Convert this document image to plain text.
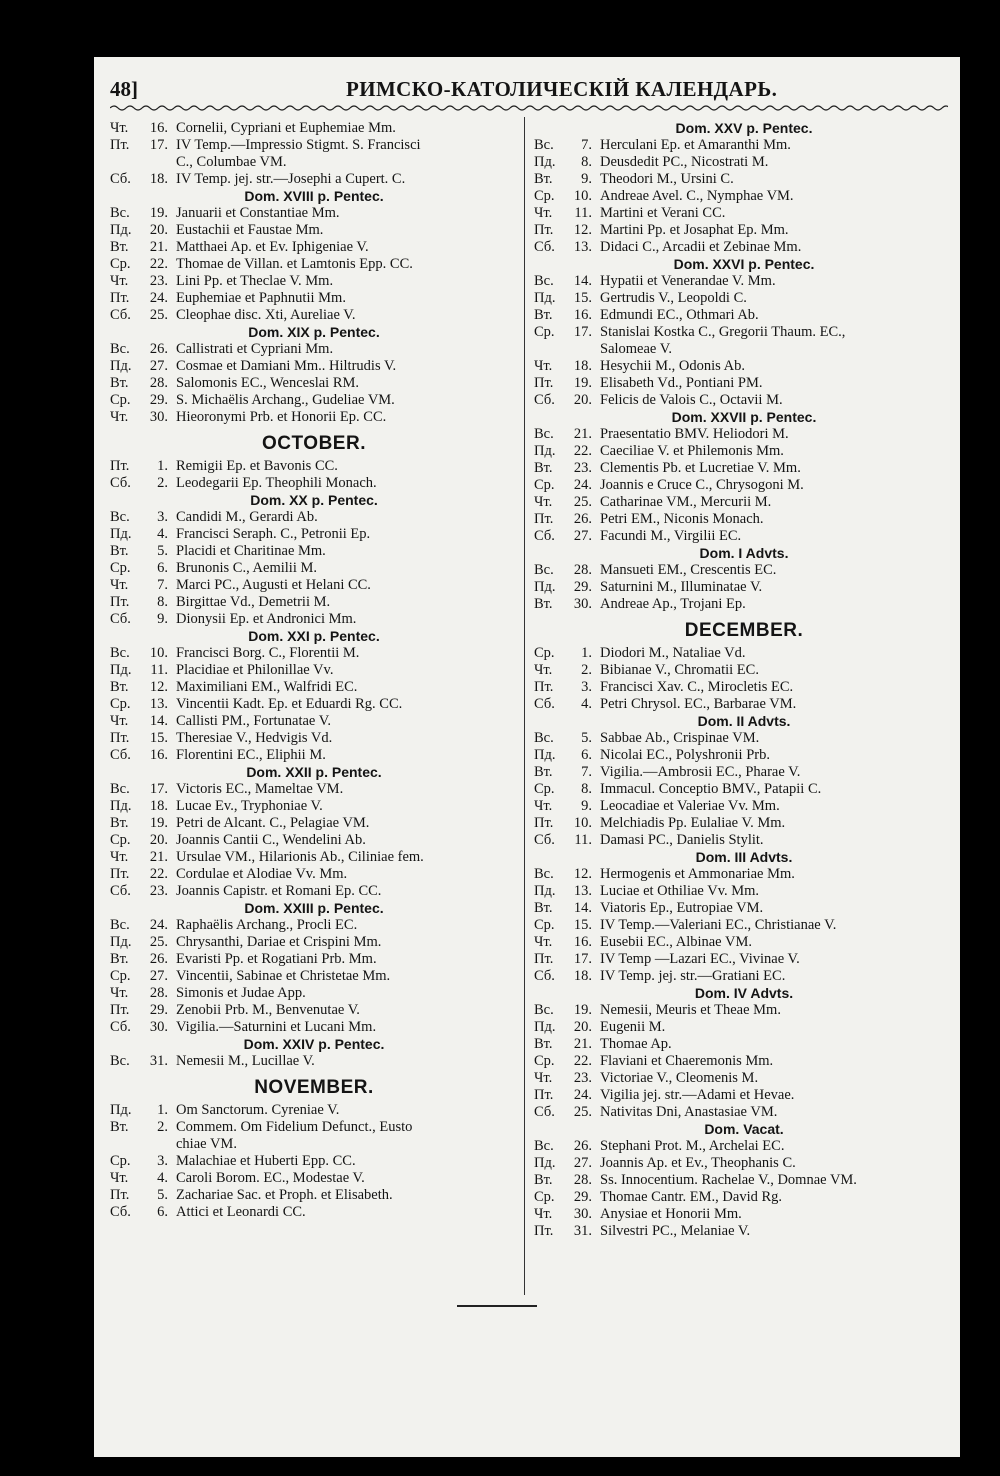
48]	РИМСКО-КАТОЛИЧЕСКІЙ КАЛЕНДАРЬ.
Чт.	16. Cornelii, Cypriani et Euphemiae Mm.
Пт.	17. IV Temp.—Impressio Stigmt. S. Francisci
C., Columbae VM.
Сб.	18. IV Temp. jej. str.—Josephi a Cupert. C.
Dom. XVIII p. Pentec.
Вс.	19. Januarii et Constantiae Mm.
Пд.	20. Eustachii et Faustae Mm.
Вт.	21. Matthaei Ap. et Ev. Iphigeniae V.
Ср.	22. Thomae de Villan. et Lamtonis Epp. CC.
Чт.	23. Lini Pp. et Theclae V. Mm.
Пт.	24. Euphemiae et Paphnutii Mm.
Сб.	25. Cleophae disc. Xti, Aureliae V.
Dom. XIX p. Pentec.
Вс.	26. Callistrati et Cypriani Mm.
Пд.	27. Cosmae et Damiani Mm.. Hiltrudis V.
Вт.	28. Salomonis EC., Wenceslai RM.
Ср.	29. S. Michaëlis Archang., Gudeliae VM.
Чт.	30. Hieoronymi Prb. et Honorii Ep. CC.
OCTOBER.
Пт.	1. Remigii Ep. et Bavonis CC.
Сб.	2. Leodegarii Ep. Theophili Monach.
Dom. XX p. Pentec.
Вс.	3. Candidi M., Gerardi Ab.
Пд.	4. Francisci Seraph. C., Petronii Ep.
Вт.	5. Placidi et Charitinae Mm.
Ср.	6. Brunonis C., Aemilii M.
Чт.	7. Marci PC., Augusti et Helani CC.
Пт.	8. Birgittae Vd., Demetrii M.
Сб.	9. Dionysii Ep. et Andronici Mm.
Dom. XXI p. Pentec.
Вс.	10. Francisci Borg. C., Florentii M.
Пд.	11. Placidiae et Philonillae Vv.
Вт.	12. Maximiliani EM., Walfridi EC.
Ср.	13. Vincentii Kadt. Ep. et Eduardi Rg. CC.
Чт.	14. Callisti PM., Fortunatae V.
Пт.	15. Theresiae V., Hedvigis Vd.
Сб.	16. Florentini EC., Eliphii M.
Dom. XXII p. Pentec.
Вс.	17. Victoris EC., Mameltae VM.
Пд.	18. Lucae Ev., Tryphoniae V.
Вт.	19. Petri de Alcant. C., Pelagiae VM.
Ср.	20. Joannis Cantii C., Wendelini Ab.
Чт.	21. Ursulae VM., Hilarionis Ab., Ciliniae fem.
Пт.	22. Cordulae et Alodiae Vv. Mm.
Сб.	23. Joannis Capistr. et Romani Ep. CC.
Dom. XXIII p. Pentec.
Вс.	24. Raphaëlis Archang., Procli EC.
Пд.	25. Chrysanthi, Dariae et Crispini Mm.
Вт.	26. Evaristi Pp. et Rogatiani Prb. Mm.
Ср.	27. Vincentii, Sabinae et Christetae Mm.
Чт.	28. Simonis et Judae App.
Пт.	29. Zenobii Prb. M., Benvenutae V.
Сб.	30. Vigilia.—Saturnini et Lucani Mm.
Dom. XXIV p. Pentec.
Вс.	31. Nemesii M., Lucillae V.
NOVEMBER.
Пд.	1. Om Sanctorum. Cyreniae V.
Вт.	2. Commem. Om Fidelium Defunct., Eusto
chiae VM.
Ср.	3. Malachiae et Huberti Epp. CC.
Чт.	4. Caroli Borom. EC., Modestae V.
Пт.	5. Zachariae Sac. et Proph. et Elisabeth.
Сб.	6. Attici et Leonardi CC.
Dom. XXV p. Pentec.
Вс.	7. Herculani Ep. et Amaranthi Mm.
Пд.	8. Deusdedit PC., Nicostrati M.
Вт.	9. Theodori M., Ursini C.
Ср.	10. Andreae Avel. C., Nymphae VM.
Чт.	11. Martini et Verani CC.
Пт.	12. Martini Pp. et Josaphat Ep. Mm.
Сб.	13. Didaci C., Arcadii et Zebinae Mm.
Dom. XXVI p. Pentec.
Вс.	14. Hypatii et Venerandae V. Mm.
Пд.	15. Gertrudis V., Leopoldi C.
Вт.	16. Edmundi EC., Othmari Ab.
Ср.	17. Stanislai Kostka C., Gregorii Thaum. EC.,
Salomeae V.
Чт.	18. Hesychii M., Odonis Ab.
Пт.	19. Elisabeth Vd., Pontiani PM.
Сб.	20. Felicis de Valois C., Octavii M.
Dom. XXVII p. Pentec.
Вс.	21. Praesentatio BMV. Heliodori M.
Пд.	22. Caeciliae V. et Philemonis Mm.
Вт.	23. Clementis Pb. et Lucretiae V. Mm.
Ср.	24. Joannis e Cruce C., Chrysogoni M.
Чт.	25. Catharinae VM., Mercurii M.
Пт.	26. Petri EM., Niconis Monach.
Сб.	27. Facundi M., Virgilii EC.
Dom. I Advts.
Вс.	28. Mansueti EM., Crescentis EC.
Пд.	29. Saturnini M., Illuminatae V.
Вт.	30. Andreae Ap., Trojani Ep.
DECEMBER.
Ср.	1. Diodori M., Nataliae Vd.
Чт.	2. Bibianae V., Chromatii EC.
Пт.	3. Francisci Xav. C., Mirocletis EC.
Сб.	4. Petri Chrysol. EC., Barbarae VM.
Dom. II Advts.
Вс.	5. Sabbae Ab., Crispinae VM.
Пд.	6. Nicolai EC., Polyshronii Prb.
Вт.	7. Vigilia.—Ambrosii EC., Pharae V.
Ср.	8. Immacul. Conceptio BMV., Patapii C.
Чт.	9. Leocadiae et Valeriae Vv. Mm.
Пт.	10. Melchiadis Pp. Eulaliae V. Mm.
Сб.	11. Damasi PC., Danielis Stylit.
Dom. III Advts.
Вс.	12. Hermogenis et Ammonariae Mm.
Пд.	13. Luciae et Othiliae Vv. Mm.
Вт.	14. Viatoris Ep., Eutropiae VM.
Ср.	15. IV Temp.—Valeriani EC., Christianae V.
Чт.	16. Eusebii EC., Albinae VM.
Пт.	17. IV Temp —Lazari EC., Vivinae V.
Сб.	18. IV Temp. jej. str.—Gratiani EC.
Dom. IV Advts.
Вс.	19. Nemesii, Meuris et Theae Mm.
Пд.	20. Eugenii M.
Вт.	21. Thomae Ap.
Ср.	22. Flaviani et Chaeremonis Mm.
Чт.	23. Victoriae V., Cleomenis M.
Пт.	24. Vigilia jej. str.—Adami et Hevae.
Сб.	25. Nativitas Dni, Anastasiae VM.
Dom. Vacat.
Вс.	26. Stephani Prot. M., Archelai EC.
Пд.	27. Joannis Ap. et Ev., Theophanis C.
Вт.	28. Ss. Innocentium. Rachelae V., Domnae VM.
Ср.	29. Thomae Cantr. EM., David Rg.
Чт.	30. Anysiae et Honorii Mm.
Пт.	31. Silvestri PC., Melaniae V.
